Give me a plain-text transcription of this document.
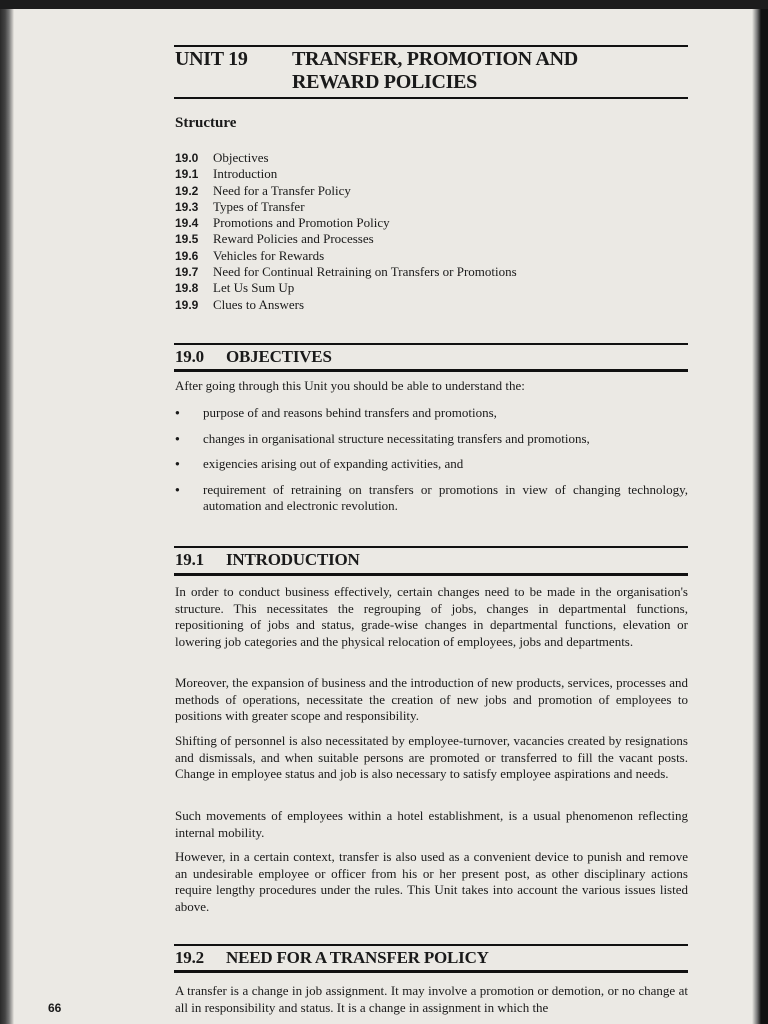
UNIT 19 TRANSFER, PROMOTION AND
REWARD POLICIES
Structure
19.0 Objectives
19.1 Introduction
19.2 Need for a Transfer Policy
19.3 Types of Transfer
19.4 Promotions and Promotion Policy
19.5 Reward Policies and Processes
19.6 Vehicles for Rewards
19.7 Need for Continual Retraining on Transfers or Promotions
19.8 Let Us Sum Up
19.9 Clues to Answers
19.0 OBJECTIVES

After going through this Unit you should be able to understand the:

● purpose of and reasons behind transfers and promotions,
● changes in organisational structure necessitating transfers and promotions,
● exigencies arising out of expanding activities, and
● requirement of retraining on transfers or promotions in view of changing technology, automation and electronic revolution.
19.1 INTRODUCTION

In order to conduct business effectively, certain changes need to be made in the organisation's structure. This necessitates the regrouping of jobs, changes in departmental functions, repositioning of jobs and status, grade-wise changes in departmental functions, elevation or lowering job categories and the physical relocation of employees, jobs and departments.

Moreover, the expansion of business and the introduction of new products, services, processes and methods of operations, necessitate the creation of new jobs and promotion of employees to positions with greater scope and responsibility.

Shifting of personnel is also necessitated by employee-turnover, vacancies created by resignations and dismissals, and when suitable persons are promoted or transferred to fill the vacant posts. Change in employee status and job is also necessary to satisfy employee aspirations and needs.

Such movements of employees within a hotel establishment, is a usual phenomenon reflecting internal mobility.

However, in a certain context, transfer is also used as a convenient device to punish and remove an undesirable employee or officer from his or her present post, as other disciplinary actions require lengthy procedures under the rules. This Unit takes into account the various issues listed above.

19.2 NEED FOR A TRANSFER POLICY

A transfer is a change in job assignment. It may involve a promotion or demotion, or no change at all in responsibility and status. It is a change in assignment in which the

66
